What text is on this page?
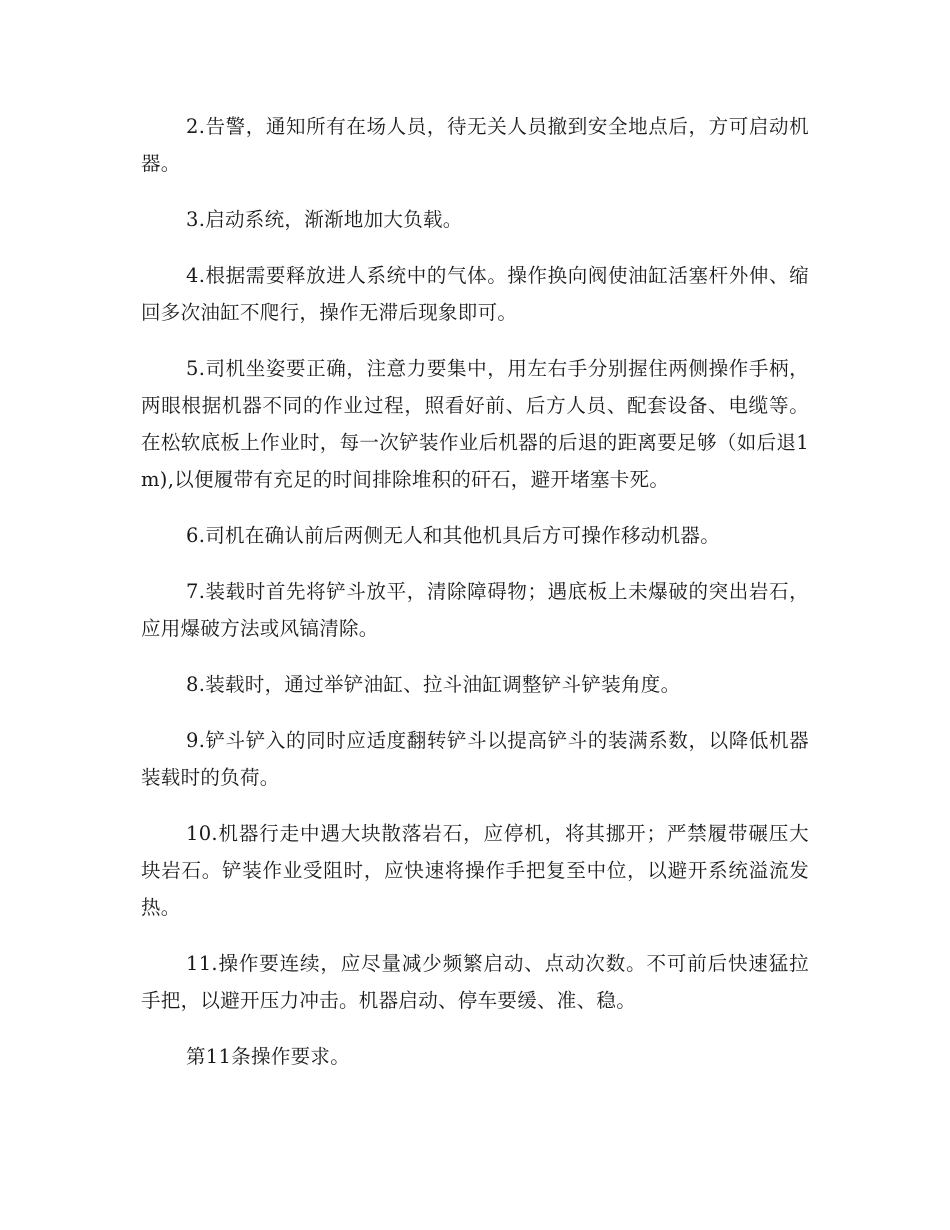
2.告警，通知所有在场人员，待无关人员撤到安全地点后，方可启动机器。

3.启动系统，渐渐地加大负载。

4.根据需要释放进人系统中的气体。操作换向阀使油缸活塞杆外伸、缩回多次油缸不爬行，操作无滞后现象即可。

5.司机坐姿要正确，注意力要集中，用左右手分别握住两侧操作手柄，两眼根据机器不同的作业过程，照看好前、后方人员、配套设备、电缆等。在松软底板上作业时，每一次铲装作业后机器的后退的距离要足够（如后退1m),以便履带有充足的时间排除堆积的矸石，避开堵塞卡死。

6.司机在确认前后两侧无人和其他机具后方可操作移动机器。

7.装载时首先将铲斗放平，清除障碍物；遇底板上未爆破的突出岩石，应用爆破方法或风镐清除。

8.装载时，通过举铲油缸、拉斗油缸调整铲斗铲装角度。

9.铲斗铲入的同时应适度翻转铲斗以提高铲斗的装满系数，以降低机器装载时的负荷。

10.机器行走中遇大块散落岩石，应停机，将其挪开；严禁履带碾压大块岩石。铲装作业受阻时，应快速将操作手把复至中位，以避开系统溢流发热。

11.操作要连续，应尽量减少频繁启动、点动次数。不可前后快速猛拉手把，以避开压力冲击。机器启动、停车要缓、准、稳。

第11条操作要求。
